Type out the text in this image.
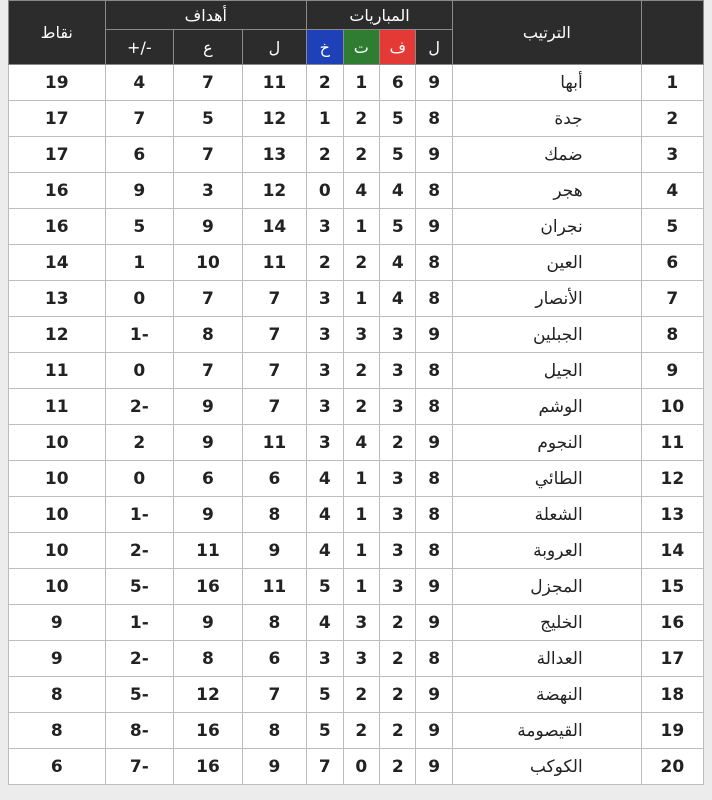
نقاط	أهداف			المباريات				الترتيب	
	+/-	ع	ل	خ	ت	ف	ل		
19	4	7	11	2	1	6	9	أبها	1
17	7	5	12	1	2	5	8	جدة	2
17	6	7	13	2	2	5	9	ضمك	3
16	9	3	12	0	4	4	8	هجر	4
16	5	9	14	3	1	5	9	نجران	5
14	1	10	11	2	2	4	8	العين	6
13	0	7	7	3	1	4	8	الأنصار	7
12	1-	8	7	3	3	3	9	الجبلين	8
11	0	7	7	3	2	3	8	الجيل	9
11	2-	9	7	3	2	3	8	الوشم	10
10	2	9	11	3	4	2	9	النجوم	11
10	0	6	6	4	1	3	8	الطائي	12
10	1-	9	8	4	1	3	8	الشعلة	13
10	2-	11	9	4	1	3	8	العروبة	14
10	5-	16	11	5	1	3	9	المجزل	15
9	1-	9	8	4	3	2	9	الخليج	16
9	2-	8	6	3	3	2	8	العدالة	17
8	5-	12	7	5	2	2	9	النهضة	18
8	8-	16	8	5	2	2	9	القيصومة	19
6	7-	16	9	7	0	2	9	الكوكب	20
